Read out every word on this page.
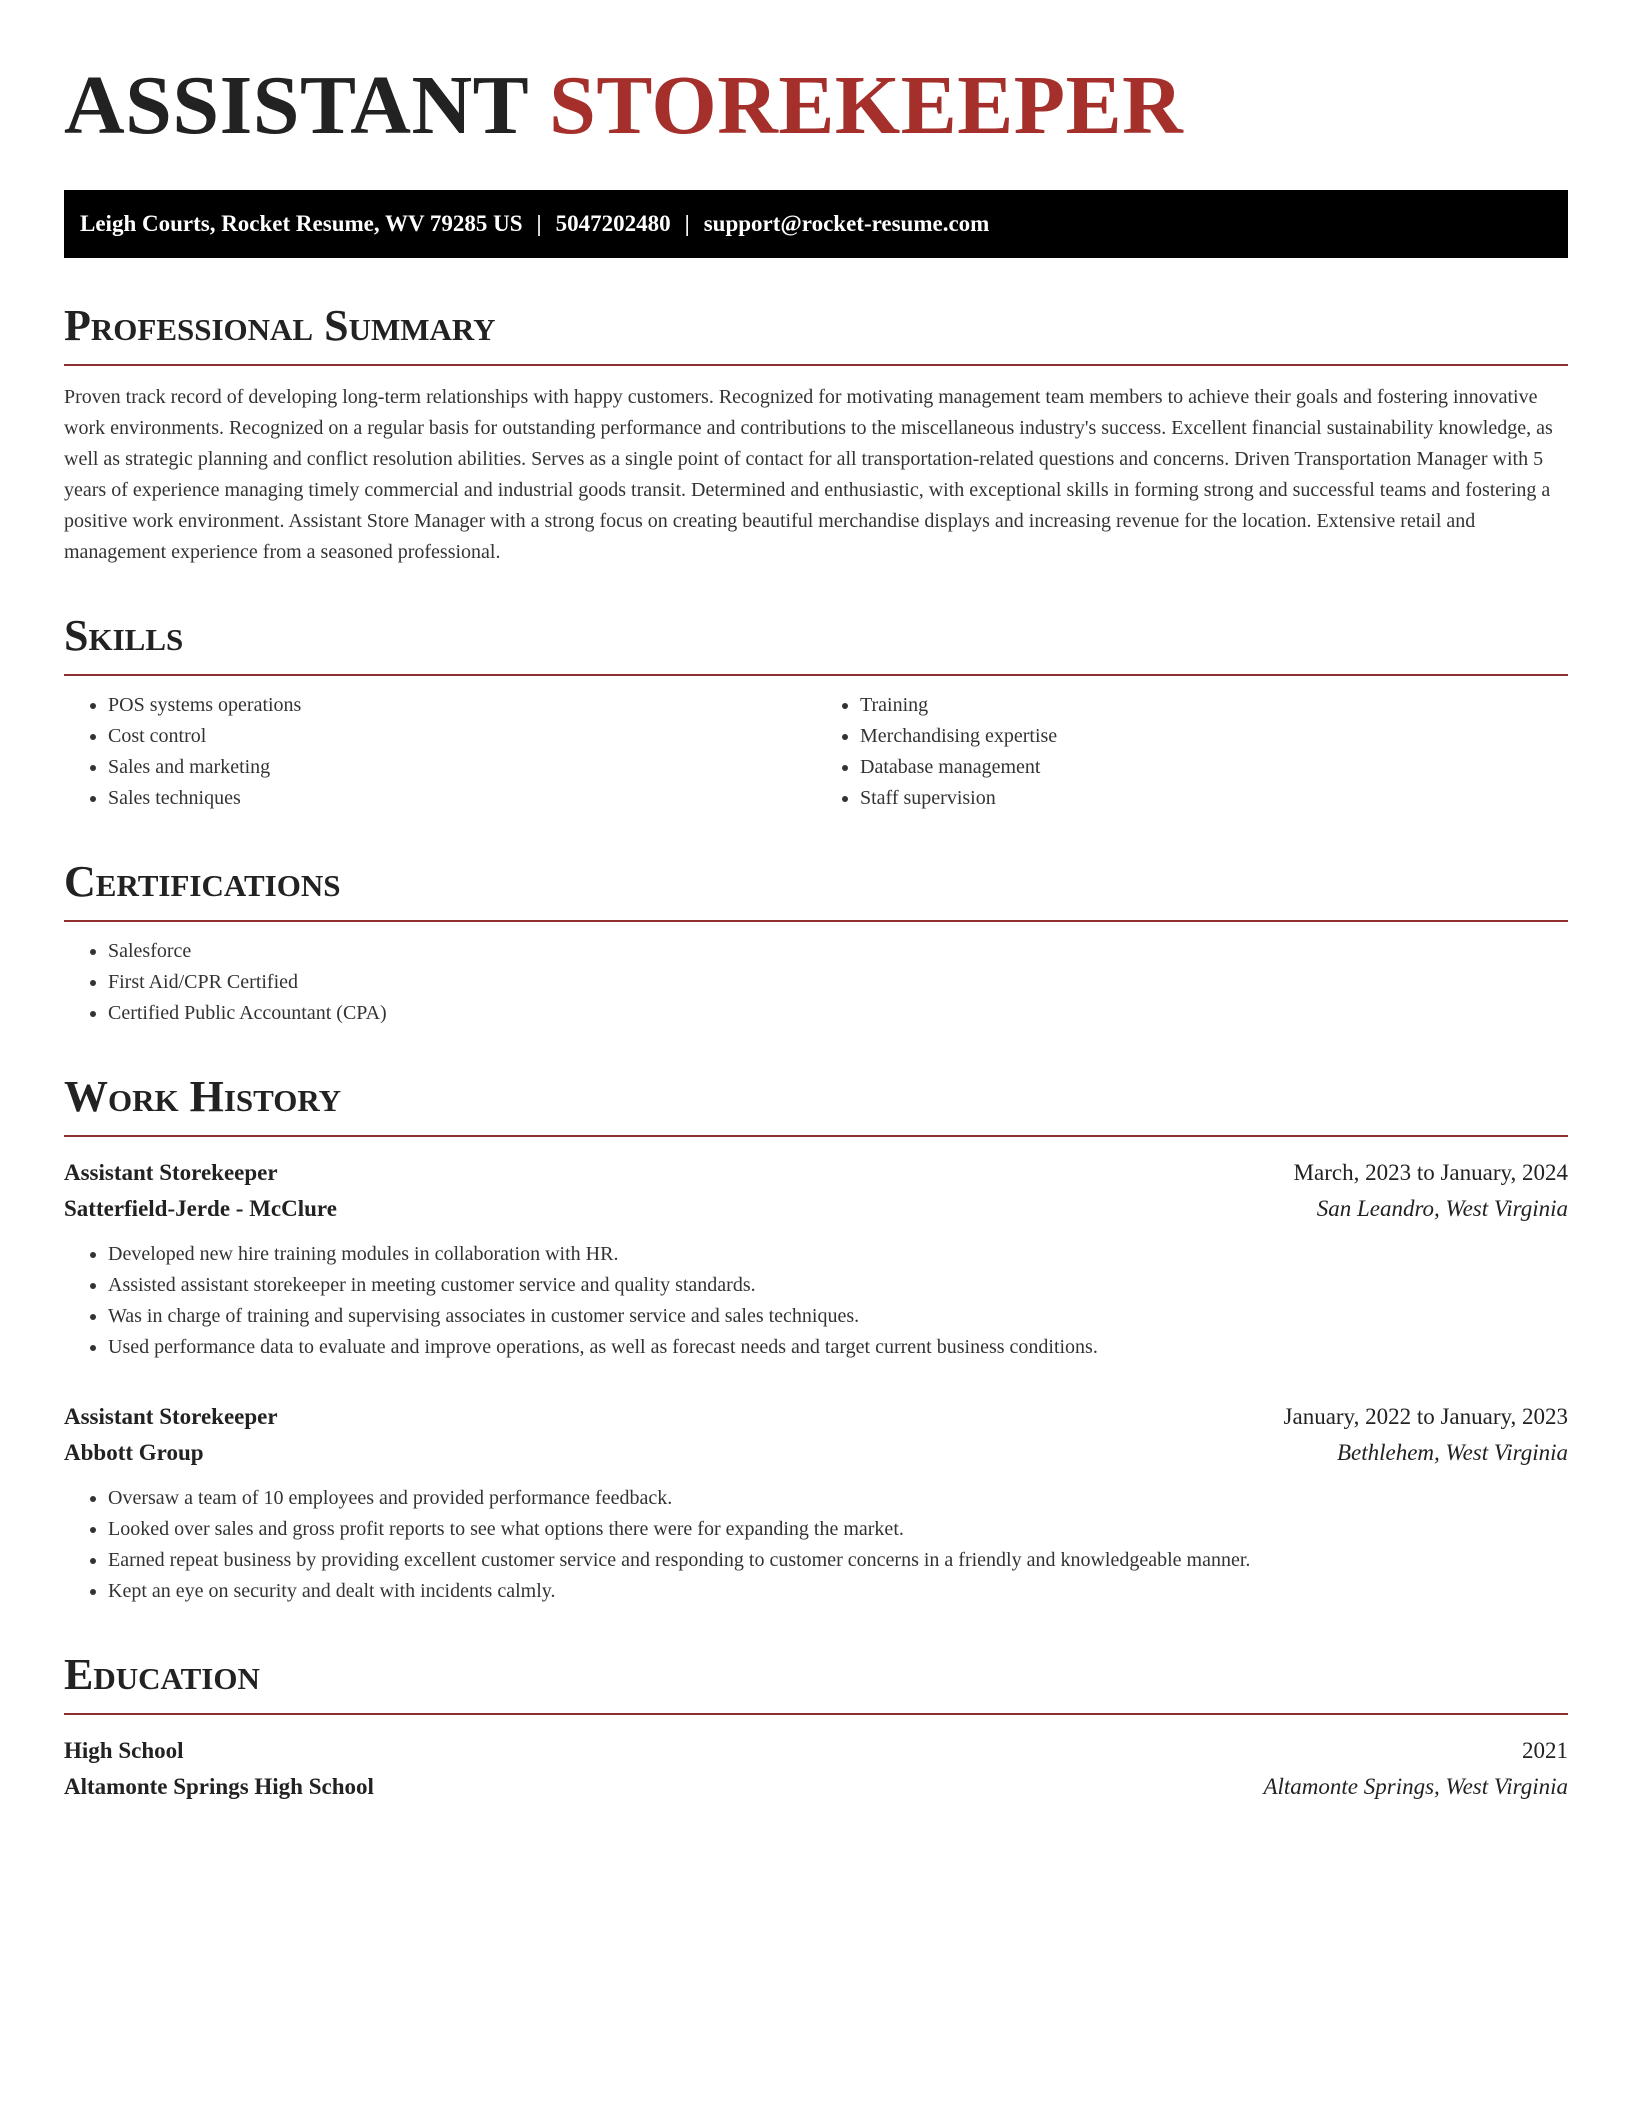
ASSISTANT STOREKEEPER
Leigh Courts, Rocket Resume, WV 79285 US | 5047202480 | support@rocket-resume.com
Professional Summary

Proven track record of developing long-term relationships with happy customers. Recognized for motivating management team members to achieve their goals and fostering innovative work environments. Recognized on a regular basis for outstanding performance and contributions to the miscellaneous industry's success. Excellent financial sustainability knowledge, as well as strategic planning and conflict resolution abilities. Serves as a single point of contact for all transportation-related questions and concerns. Driven Transportation Manager with 5 years of experience managing timely commercial and industrial goods transit. Determined and enthusiastic, with exceptional skills in forming strong and successful teams and fostering a positive work environment. Assistant Store Manager with a strong focus on creating beautiful merchandise displays and increasing revenue for the location. Extensive retail and management experience from a seasoned professional.

Skills
• POS systems operations
• Cost control
• Sales and marketing
• Sales techniques
• Training
• Merchandising expertise
• Database management
• Staff supervision
Certifications
• Salesforce
• First Aid/CPR Certified
• Certified Public Accountant (CPA)
Work History
Assistant Storekeeper	March, 2023 to January, 2024
Satterfield-Jerde - McClure	San Leandro, West Virginia
• Developed new hire training modules in collaboration with HR.
• Assisted assistant storekeeper in meeting customer service and quality standards.
• Was in charge of training and supervising associates in customer service and sales techniques.
• Used performance data to evaluate and improve operations, as well as forecast needs and target current business conditions.
Assistant Storekeeper	January, 2022 to January, 2023
Abbott Group	Bethlehem, West Virginia
• Oversaw a team of 10 employees and provided performance feedback.
• Looked over sales and gross profit reports to see what options there were for expanding the market.
• Earned repeat business by providing excellent customer service and responding to customer concerns in a friendly and knowledgeable manner.
• Kept an eye on security and dealt with incidents calmly.
Education
High School	2021
Altamonte Springs High School	Altamonte Springs, West Virginia
